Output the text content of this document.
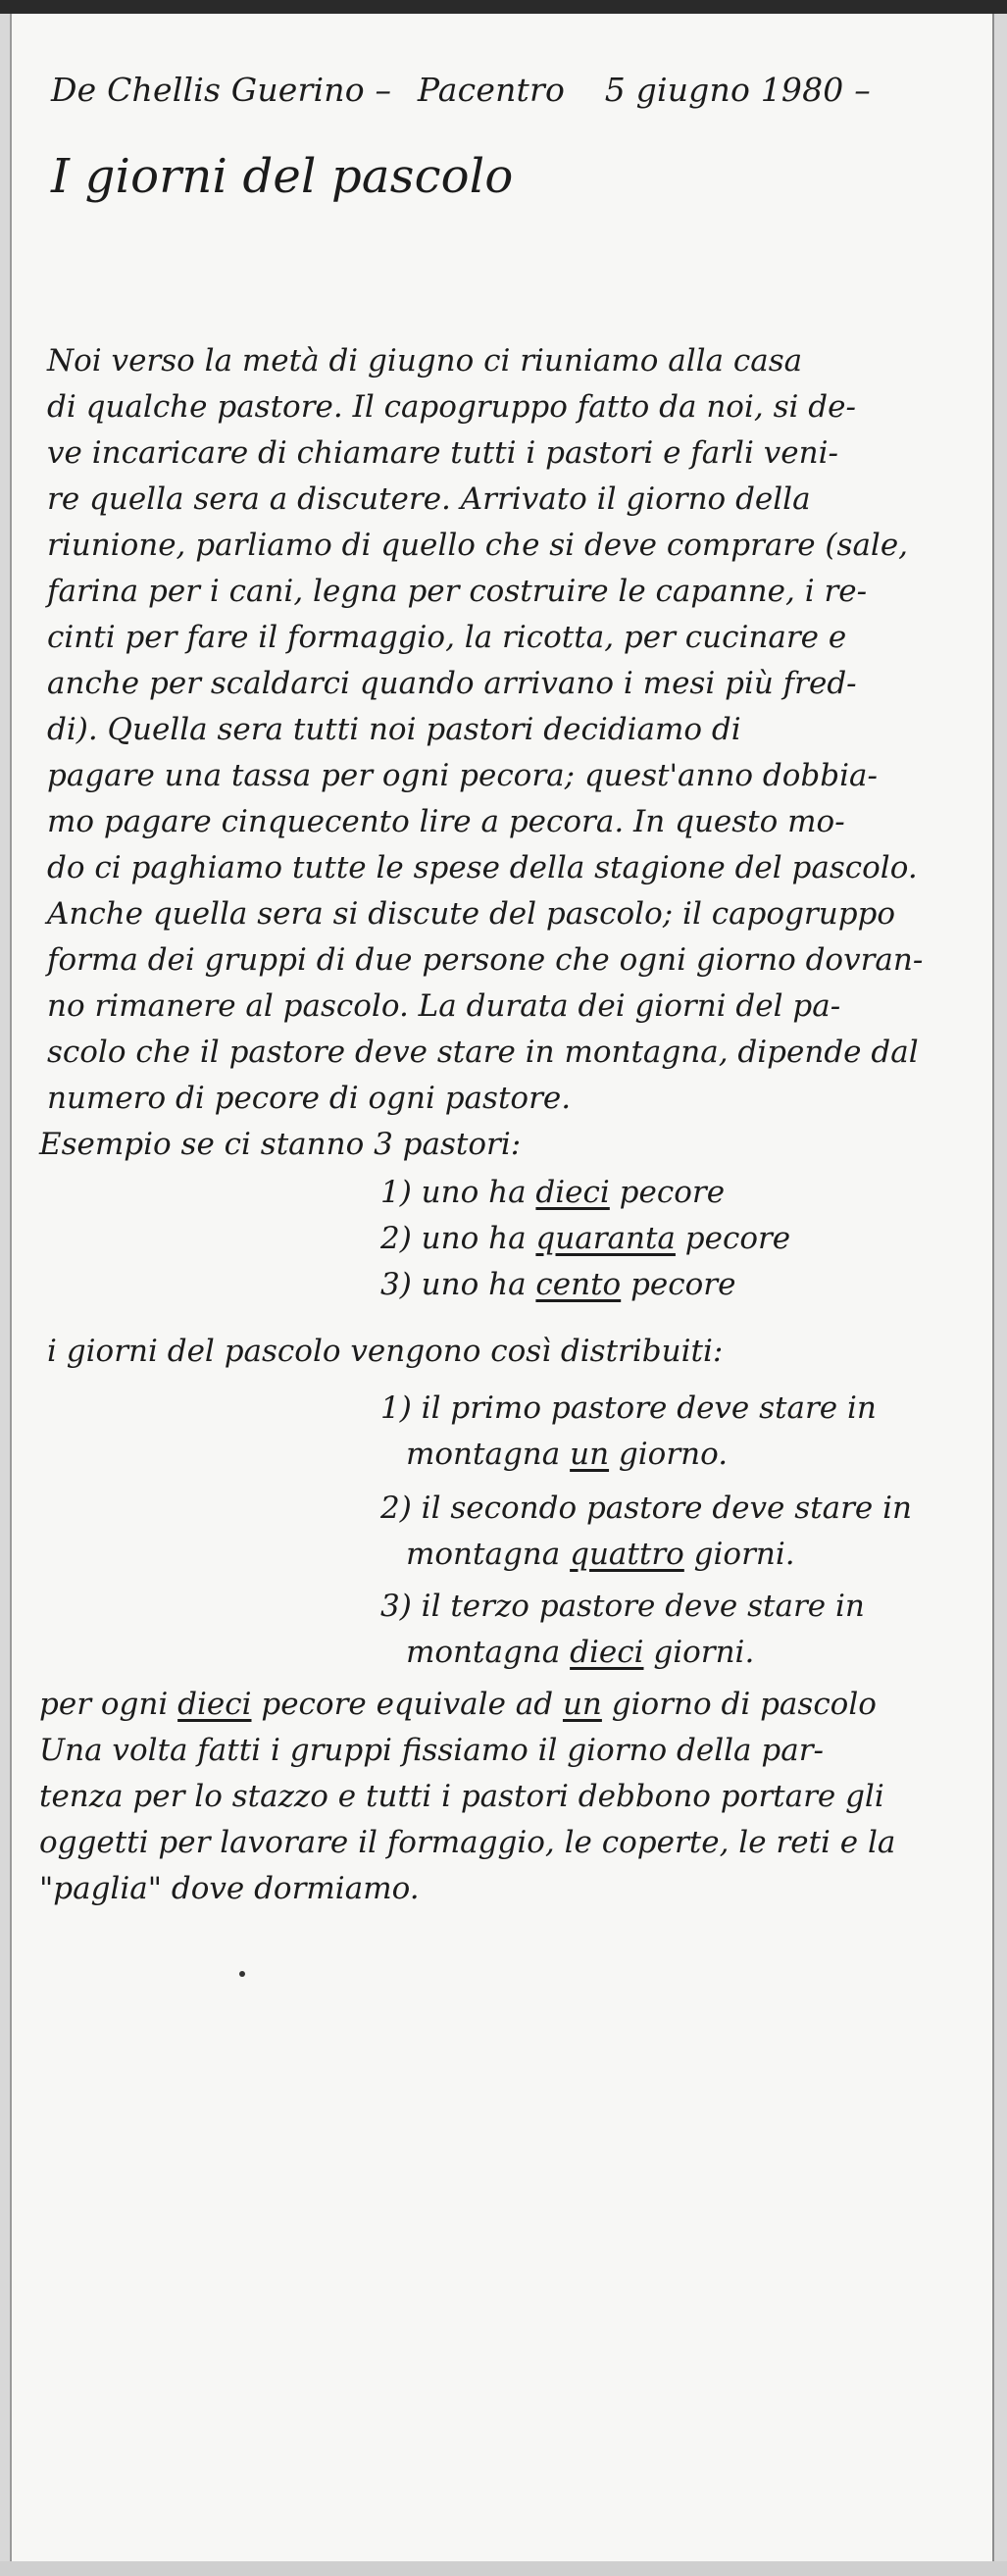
De Chellis Guerino – Pacentro 5 giugno 1980 –
I giorni del pascolo
Noi verso la metà di giugno ci riuniamo alla casa
di qualche pastore. Il capogruppo fatto da noi, si de-
ve incaricare di chiamare tutti i pastori e farli veni-
re quella sera a discutere. Arrivato il giorno della
riunione, parliamo di quello che si deve comprare (sale,
farina per i cani, legna per costruire le capanne, i re-
cinti per fare il formaggio, la ricotta, per cucinare e
anche per scaldarci quando arrivano i mesi più fred-
di). Quella sera tutti noi pastori decidiamo di
pagare una tassa per ogni pecora; quest'anno dobbia-
mo pagare cinquecento lire a pecora. In questo mo-
do ci paghiamo tutte le spese della stagione del pascolo.
Anche quella sera si discute del pascolo; il capogruppo
forma dei gruppi di due persone che ogni giorno dovran-
no rimanere al pascolo. La durata dei giorni del pa-
scolo che il pastore deve stare in montagna, dipende dal
numero di pecore di ogni pastore.
Esempio se ci stanno 3 pastori:
1) uno ha dieci pecore
2) uno ha quaranta pecore
3) uno ha cento pecore
i giorni del pascolo vengono così distribuiti:
1) il primo pastore deve stare in
montagna un giorno.
2) il secondo pastore deve stare in
montagna quattro giorni.
3) il terzo pastore deve stare in
montagna dieci giorni.
per ogni dieci pecore equivale ad un giorno di pascolo
Una volta fatti i gruppi fissiamo il giorno della par-
tenza per lo stazzo e tutti i pastori debbono portare gli
oggetti per lavorare il formaggio, le coperte, le reti e la
"paglia" dove dormiamo.
